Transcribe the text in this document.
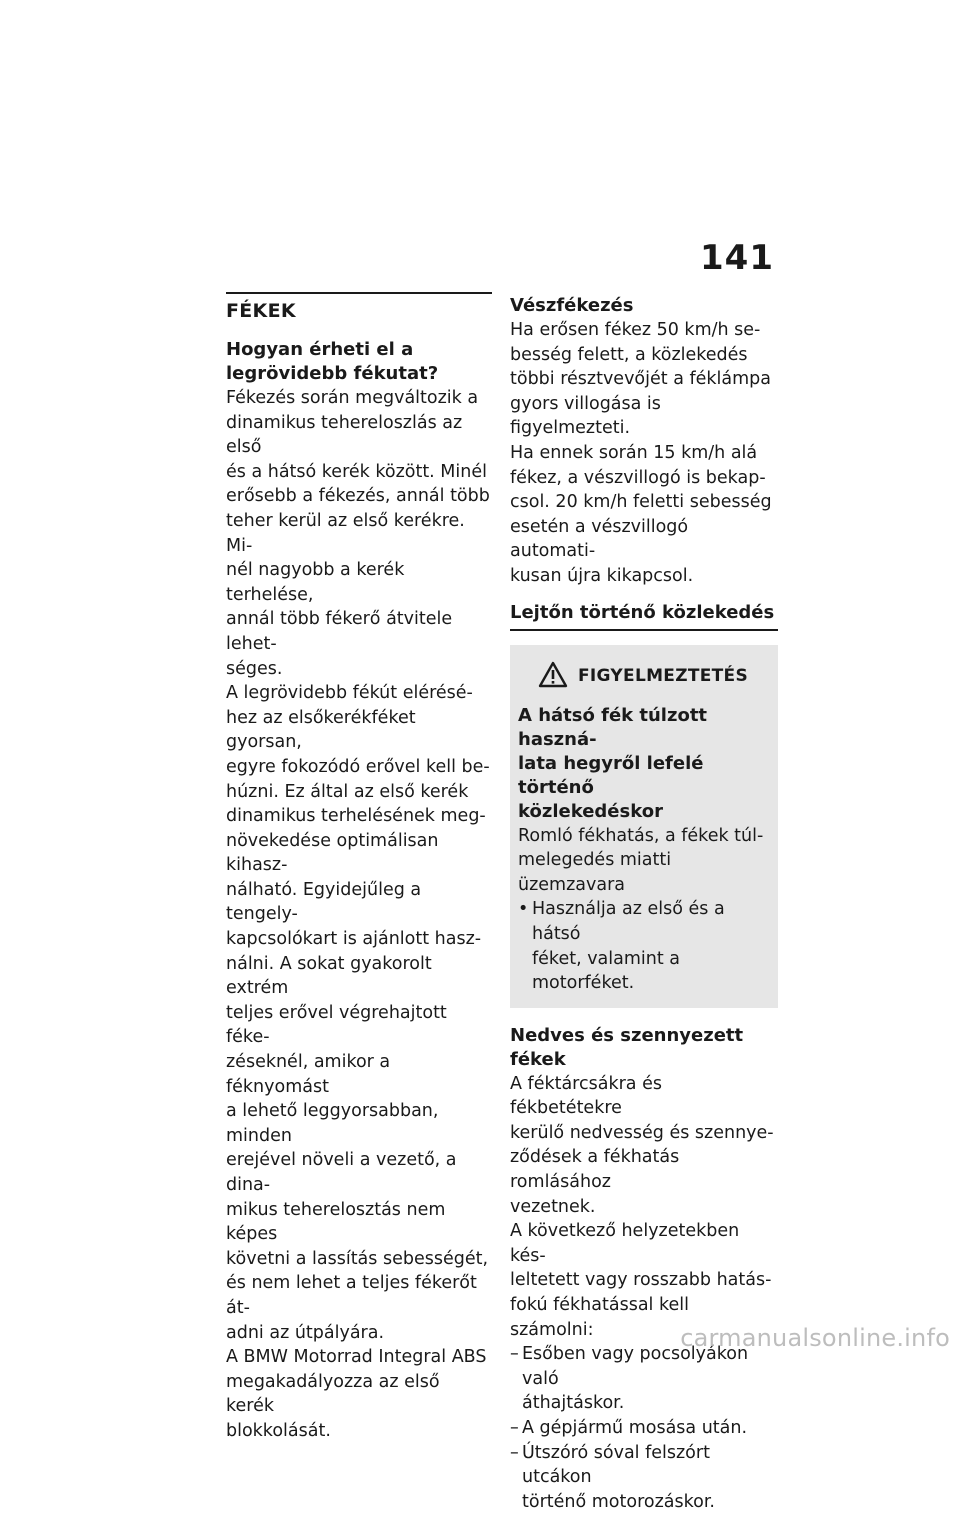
141
FÉKEK
Hogyan érheti el a
legrövidebb fékutat?

Fékezés során megváltozik a
dinamikus tehereloszlás az első
és a hátsó kerék között. Minél
erősebb a fékezés, annál több
teher kerül az első kerékre. Mi-
nél nagyobb a kerék terhelése,
annál több fékerő átvitele lehet-
séges.

A legrövidebb fékút elérésé-
hez az elsőkerékféket gyorsan,
egyre fokozódó erővel kell be-
húzni. Ez által az első kerék
dinamikus terhelésének meg-
növekedése optimálisan kihasz-
nálható. Egyidejűleg a tengely-
kapcsolókart is ajánlott hasz-
nálni. A sokat gyakorolt extrém
teljes erővel végrehajtott féke-
zéseknél, amikor a féknyomást
a lehető leggyorsabban, minden
erejével növeli a vezető, a dina-
mikus teherelosztás nem képes
követni a lassítás sebességét,
és nem lehet a teljes fékerőt át-
adni az útpályára.

A BMW Motorrad Integral ABS
megakadályozza az első kerék
blokkolását.

Vészfékezés

Ha erősen fékez 50 km/h se-
besség felett, a közlekedés
többi résztvevőjét a féklámpa
gyors villogása is figyelmezteti.

Ha ennek során 15 km/h alá
fékez, a vészvillogó is bekap-
csol. 20 km/h feletti sebesség
esetén a vészvillogó automati-
kusan újra kikapcsol.

Lejtőn történő közlekedés
FIGYELMEZTETÉS
A hátsó fék túlzott haszná-
lata hegyről lefelé történő
közlekedéskor

Romló fékhatás, a fékek túl-
melegedés miatti üzemzavara

• Használja az első és a hátsó
féket, valamint a motorféket.

Nedves és szennyezett fékek

A féktárcsákra és fékbetétekre
kerülő nedvesség és szennye-
ződések a fékhatás romlásához
vezetnek.

A következő helyzetekben kés-
leltetett vagy rosszabb hatás-
fokú fékhatással kell számolni:

– Esőben vagy pocsolyákon való
áthajtáskor.
– A gépjármű mosása után.
– Útszóró sóval felszórt utcákon
történő motorozáskor.
carmanualsonline.info
